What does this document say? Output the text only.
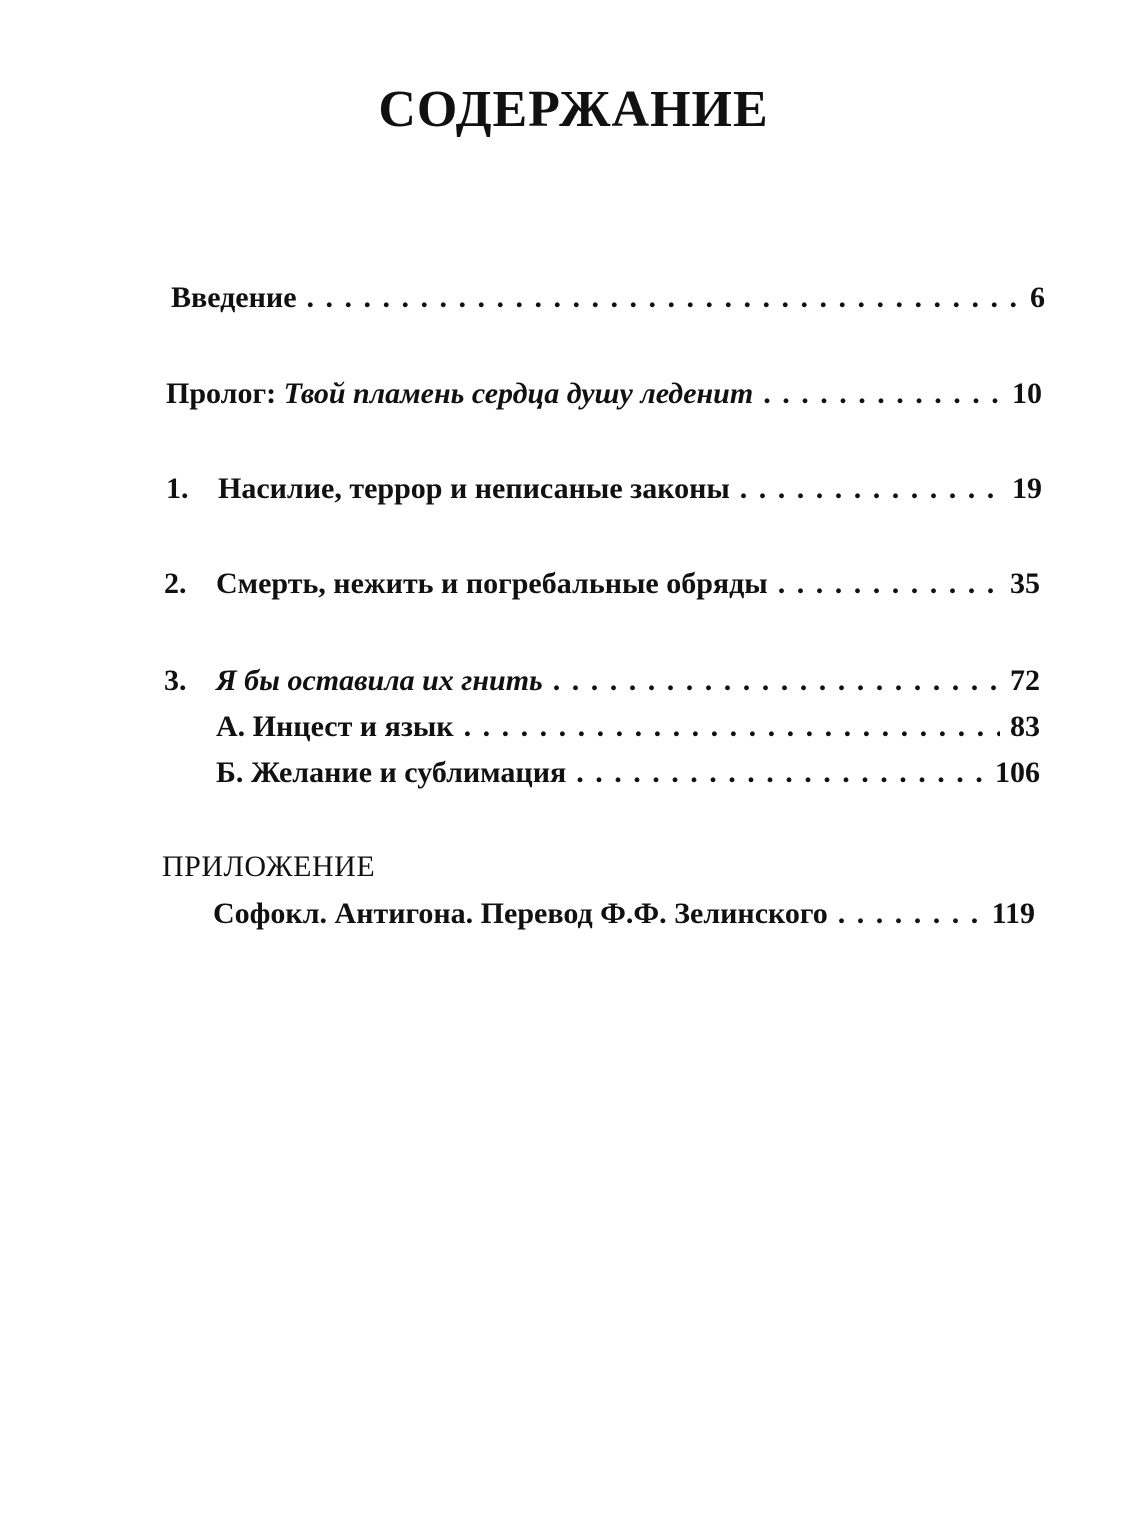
СОДЕРЖАНИЕ
Введение . . .	6
Пролог: Твой пламень сердца душу леденит . . .	10
1. Насилие, террор и неписаные законы . . .	19
2. Смерть, нежить и погребальные обряды . . .	35
3. Я бы оставила их гнить . . .	72
А. Инцест и язык . . .	83
Б. Желание и сублимация . . .	106
ПРИЛОЖЕНИЕ
Софокл. Антигона. Перевод Ф.Ф. Зелинского . . .	119
